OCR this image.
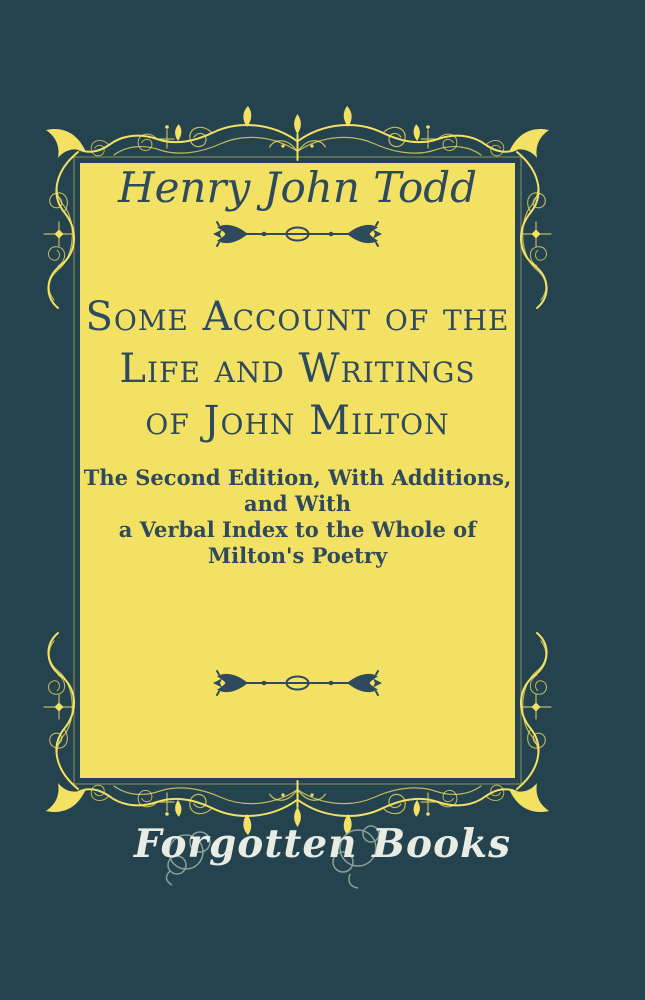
Henry John Todd
Some Account of the
Life and Writings
of John Milton
The Second Edition, With Additions, and With
a Verbal Index to the Whole of Milton's Poetry
Forgotten Books
